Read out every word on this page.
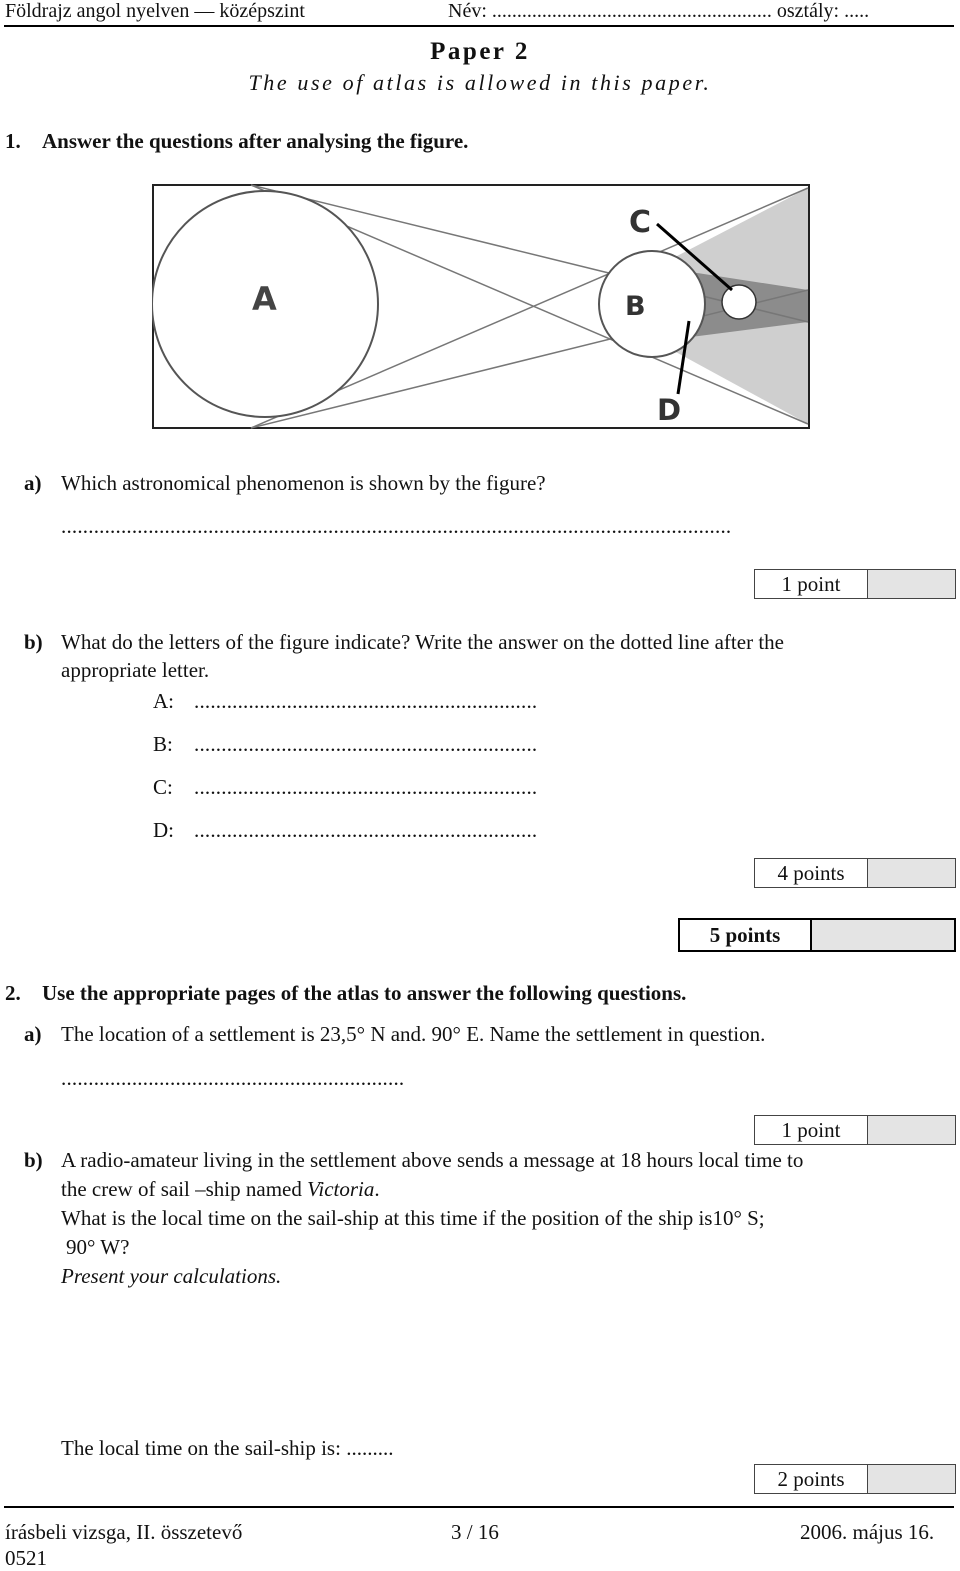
Földrajz angol nyelven — középszint	Név: ........................................................ osztály: .....
Paper 2
The use of atlas is allowed in this paper.
1. Answer the questions after analysing the figure.
A	B
C
D
a) Which astronomical phenomenon is shown by the figure?
...........................................................................................................................
1 point
b) What do the letters of the figure indicate? Write the answer on the dotted line after the
appropriate letter.
A: ...............................................................
B: ...............................................................
C: ...............................................................
D: ...............................................................
4 points
5 points
2. Use the appropriate pages of the atlas to answer the following questions.
a) The location of a settlement is 23,5° N and. 90° E. Name the settlement in question.
...............................................................
1 point
b) A radio-amateur living in the settlement above sends a message at 18 hours local time to
the crew of sail –ship named Victoria.
What is the local time on the sail-ship at this time if the position of the ship is10° S;
90° W?
Present your calculations.
The local time on the sail-ship is: .........
2 points
írásbeli vizsga, II. összetevő
0521
3 / 16	2006. május 16.
